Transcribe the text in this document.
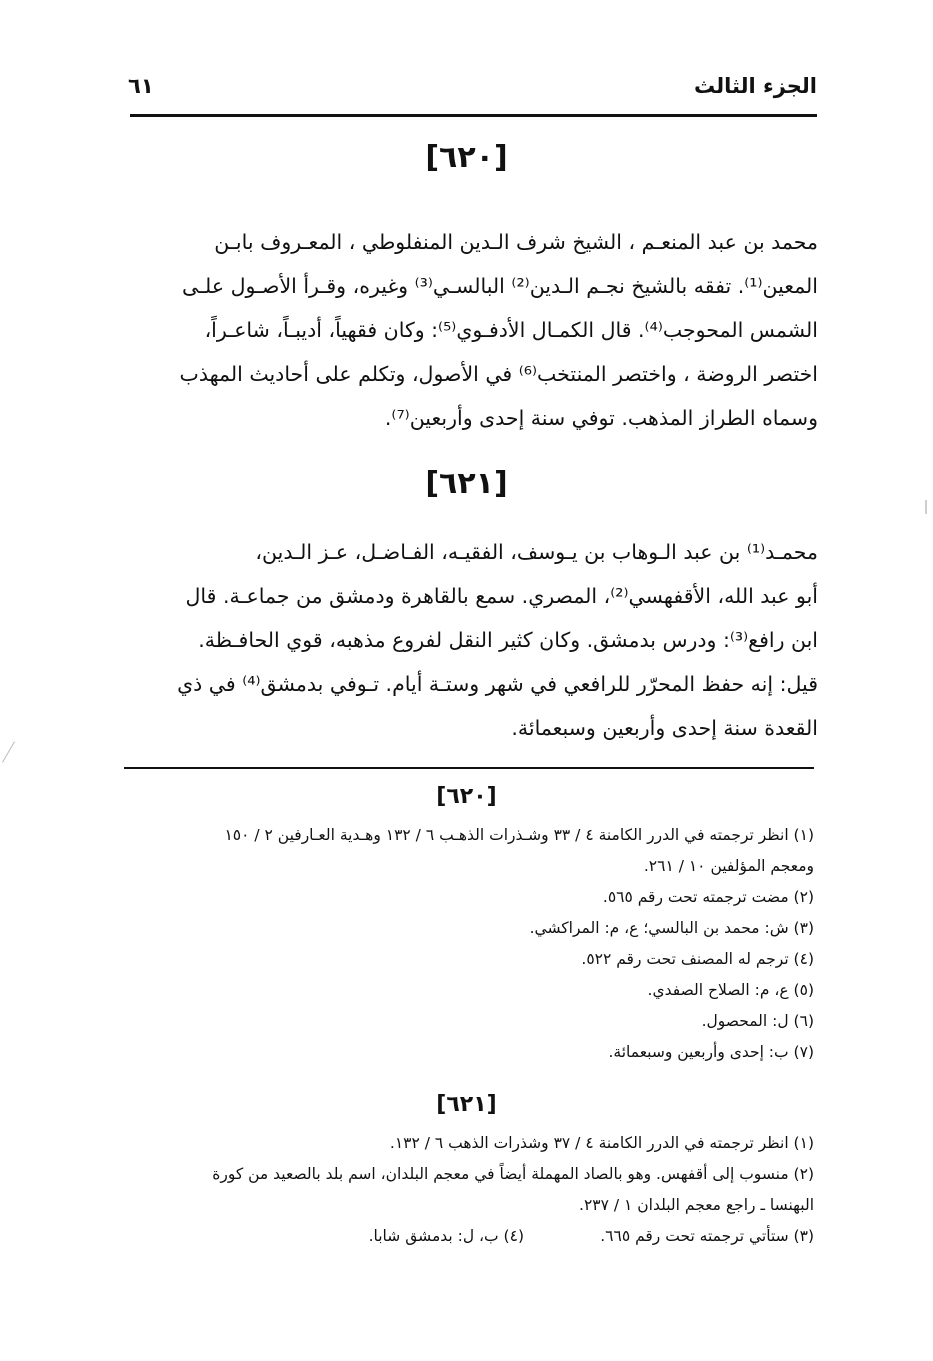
الجزء الثالث
٦١
[٦٢٠]
محمد بن عبد المنعـم ، الشيخ شرف الـدين المنفلوطي ، المعـروف بابـن
المعين⁽¹⁾. تفقه بالشيخ نجـم الـدين⁽²⁾ البالسـي⁽³⁾ وغيره، وقـرأ الأصـول علـى
الشمس المحوجب⁽⁴⁾. قال الكمـال الأدفـوي⁽⁵⁾: وكان فقهياً، أديبـاً، شاعـراً،
اختصر الروضة ، واختصر المنتخب⁽⁶⁾ في الأصول، وتكلم على أحاديث المهذب
وسماه الطراز المذهب. توفي سنة إحدى وأربعين⁽⁷⁾.
[٦٢١]
محمـد⁽¹⁾ بن عبد الـوهاب بن يـوسف، الفقيـه، الفـاضـل، عـز الـدين،
أبو عبد الله، الأقفهسي⁽²⁾، المصري. سمع بالقاهرة ودمشق من جماعـة. قال
ابن رافع⁽³⁾: ودرس بدمشق. وكان كثير النقل لفروع مذهبه، قوي الحافـظة.
قيل: إنه حفظ المحرّر للرافعي في شهر وستـة أيام. تـوفي بدمشق⁽⁴⁾ في ذي
القعدة سنة إحدى وأربعين وسبعمائة.
[٦٢٠]
(١) انظر ترجمته في الدرر الكامنة ٤ / ٣٣ وشـذرات الذهـب ٦ / ١٣٢ وهـدية العـارفين ٢ / ١٥٠
ومعجم المؤلفين ١٠ / ٢٦١.
(٢) مضت ترجمته تحت رقم ٥٦٥.
(٣) ش: محمد بن البالسي؛ ع، م: المراكشي.
(٤) ترجم له المصنف تحت رقم ٥٢٢.
(٥) ع، م: الصلاح الصفدي.
(٦) ل: المحصول.
(٧) ب: إحدى وأربعين وسبعمائة.
[٦٢١]
(١) انظر ترجمته في الدرر الكامنة ٤ / ٣٧ وشذرات الذهب ٦ / ١٣٢.
(٢) منسوب إلى أقفهس. وهو بالصاد المهملة أيضاً في معجم البلدان، اسم بلد بالصعيد من كورة
البهنسا ـ راجع معجم البلدان ١ / ٢٣٧.
(٣) ستأتي ترجمته تحت رقم ٦٦٥.
(٤) ب، ل: بدمشق شابا.
